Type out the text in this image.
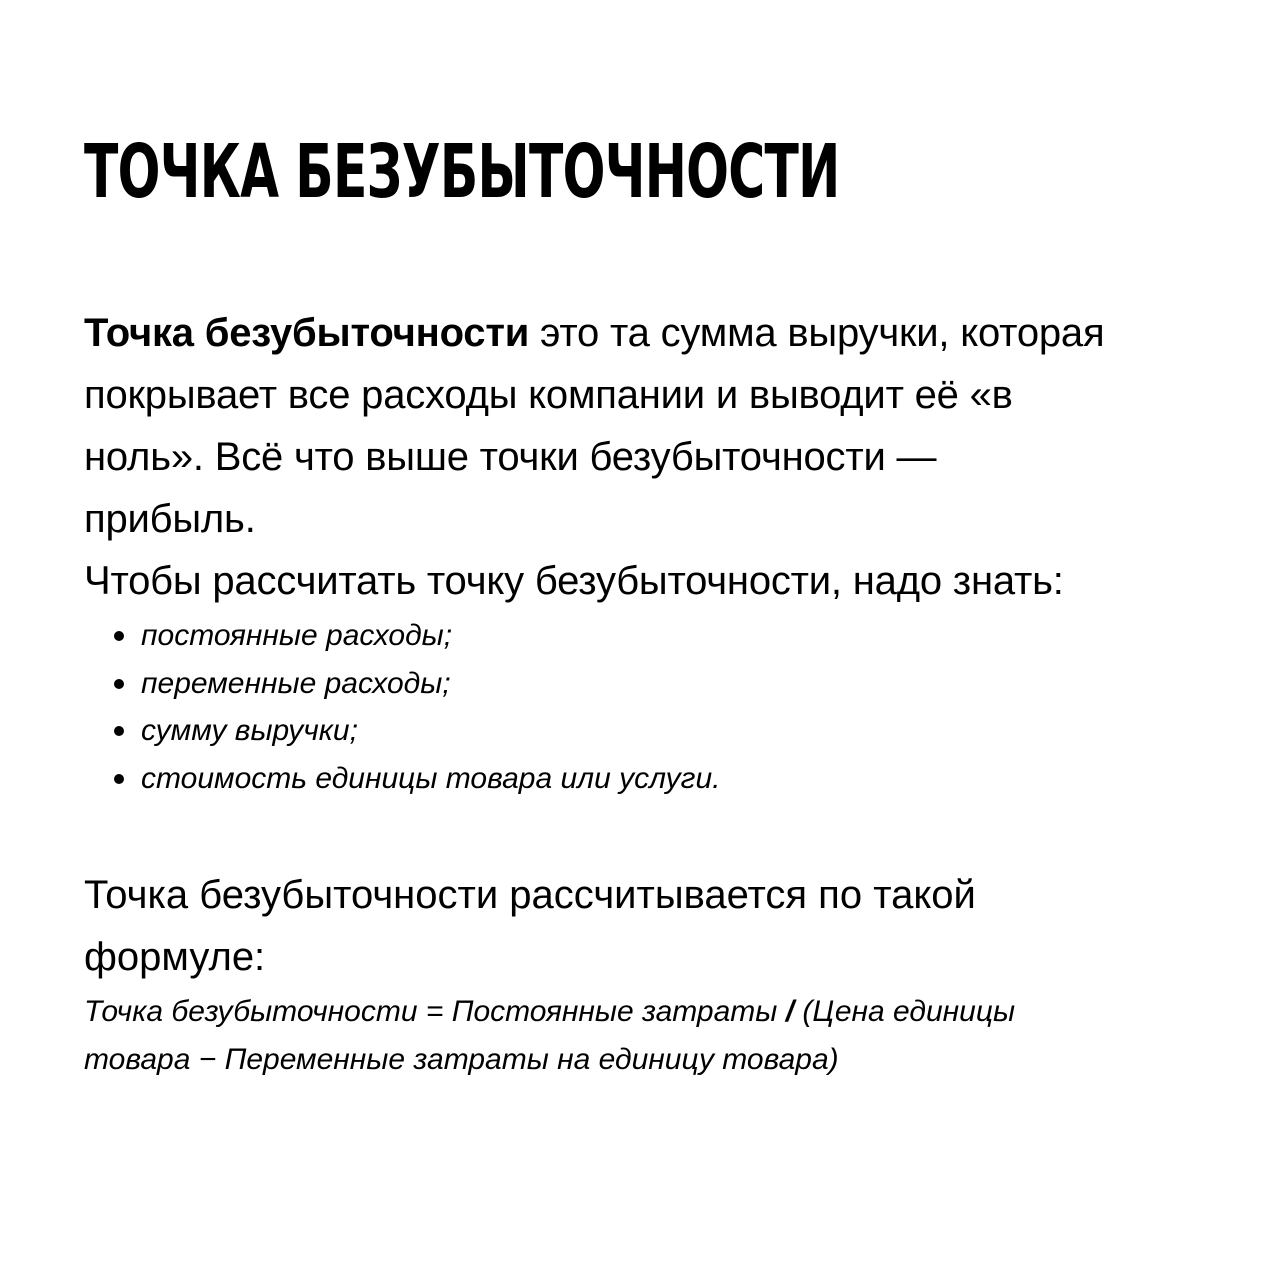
ТОЧКА БЕЗУБЫТОЧНОСТИ

Точка безубыточности это та сумма выручки, которая
покрывает все расходы компании и выводит её «в
ноль». Всё что выше точки безубыточности —
прибыль.
Чтобы рассчитать точку безубыточности, надо знать:

постоянные расходы;
переменные расходы;
сумму выручки;
стоимость единицы товара или услуги.

Точка безубыточности рассчитывается по такой
формуле:

Точка безубыточности = Постоянные затраты / (Цена единицы
товара − Переменные затраты на единицу товара)
